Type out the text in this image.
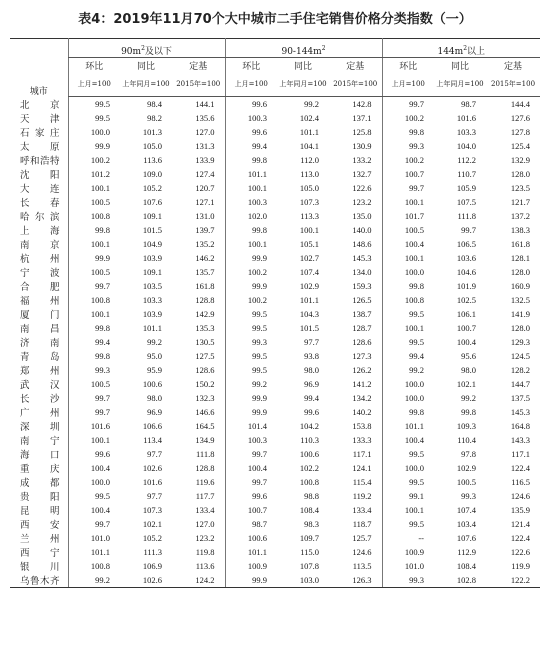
表4：2019年11月70个大中城市二手住宅销售价格分类指数（一）
城市	$90m^2$及以下			$90-144m^2$			$144m^2$以上		
	环比	同比	定基	环比	同比	定基	环比	同比	定基
	上月=100	上年同月=100	2015年=100	上月=100	上年同月=100	2015年=100	上月=100	上年同月=100	2015年=100
北京	99.5	98.4	144.1	99.6	99.2	142.8	99.7	98.7	144.4
天津	99.5	98.2	135.6	100.3	102.4	137.1	100.2	101.6	127.6
石家庄	100.0	101.3	127.0	99.6	101.1	125.8	99.8	103.3	127.8
太原	99.9	105.0	131.3	99.4	104.1	130.9	99.3	104.0	125.4
呼和浩特	100.2	113.6	133.9	99.8	112.0	133.2	100.2	112.2	132.9
沈阳	101.2	109.0	127.4	101.1	113.0	132.7	100.7	110.7	128.0
大连	100.1	105.2	120.7	100.1	105.0	122.6	99.7	105.9	123.5
长春	100.5	107.6	127.1	100.3	107.3	123.2	100.1	107.5	121.7
哈尔滨	100.8	109.1	131.0	102.0	113.3	135.0	101.7	111.8	137.2
上海	99.8	101.5	139.7	99.8	100.1	140.0	100.5	99.7	138.3
南京	100.1	104.9	135.2	100.1	105.1	148.6	100.4	106.5	161.8
杭州	99.9	103.9	146.2	99.9	102.7	145.3	100.1	103.6	128.1
宁波	100.5	109.1	135.7	100.2	107.4	134.0	100.0	104.6	128.0
合肥	99.7	103.5	161.8	99.9	102.9	159.3	99.8	101.9	160.9
福州	100.8	103.3	128.8	100.2	101.1	126.5	100.8	102.5	132.5
厦门	100.1	103.9	142.9	99.5	104.3	138.7	99.5	106.1	141.9
南昌	99.8	101.1	135.3	99.5	101.5	128.7	100.1	100.7	128.0
济南	99.4	99.2	130.5	99.3	97.7	128.6	99.5	100.4	129.3
青岛	99.8	95.0	127.5	99.5	93.8	127.3	99.4	95.6	124.5
郑州	99.3	95.9	128.6	99.5	98.0	126.2	99.2	98.0	128.2
武汉	100.5	100.6	150.2	99.2	96.9	141.2	100.0	102.1	144.7
长沙	99.7	98.0	132.3	99.9	99.4	134.2	100.0	99.2	137.5
广州	99.7	96.9	146.6	99.9	99.6	140.2	99.8	99.8	145.3
深圳	101.6	106.6	164.5	101.4	104.2	153.8	101.1	109.3	164.8
南宁	100.1	113.4	134.9	100.3	110.3	133.3	100.4	110.4	143.3
海口	99.6	97.7	111.8	99.7	100.6	117.1	99.5	97.8	117.1
重庆	100.4	102.6	128.8	100.4	102.2	124.1	100.0	102.9	122.4
成都	100.0	101.6	119.6	99.7	100.8	115.4	99.5	100.5	116.5
贵阳	99.5	97.7	117.7	99.6	98.8	119.2	99.1	99.3	124.6
昆明	100.4	107.3	133.4	100.7	108.4	133.4	100.1	107.4	135.9
西安	99.7	102.1	127.0	98.7	98.3	118.7	99.5	103.4	121.4
兰州	101.0	105.2	123.2	100.6	109.7	125.7	--	107.6	122.4
西宁	101.1	111.3	119.8	101.1	115.0	124.6	100.9	112.9	122.6
银川	100.8	106.9	113.6	100.9	107.8	113.5	101.0	108.4	119.9
乌鲁木齐	99.2	102.6	124.2	99.9	103.0	126.3	99.3	102.8	122.2
